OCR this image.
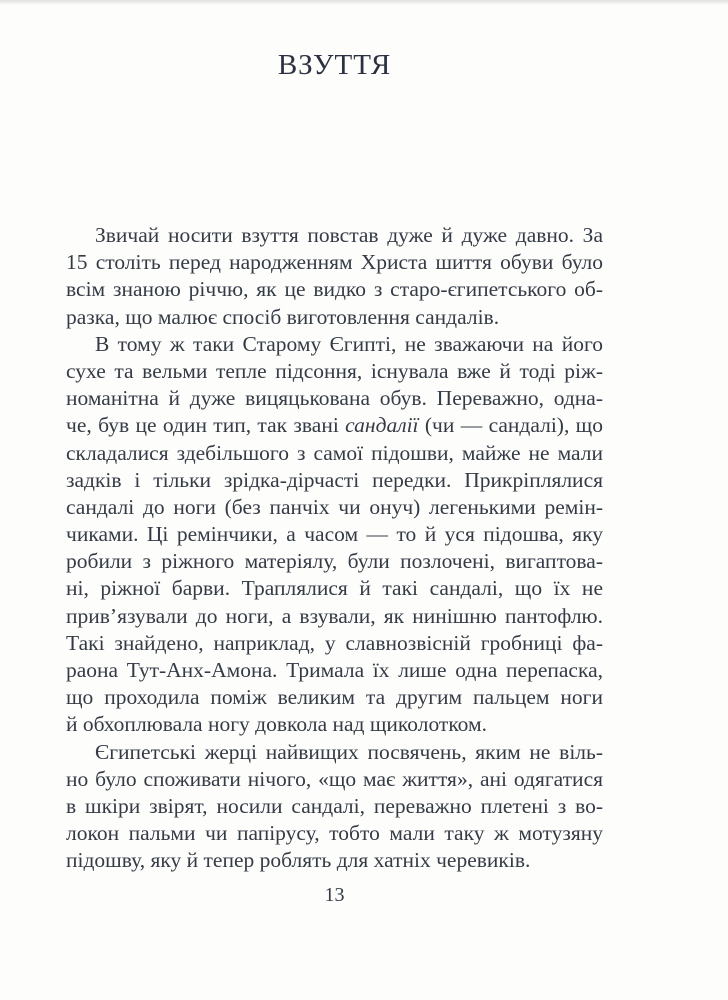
ВЗУТТЯ
Звичай носити взуття повстав дуже й дуже давно. За
15 століть перед народженням Христа шиття обуви було
всім знаною річчю, як це видко з старо-єгипетського об-
разка, що малює спосіб виготовлення сандалів.
В тому ж таки Старому Єгипті, не зважаючи на його
сухе та вельми тепле підсоння, існувала вже й тоді ріж-
номанітна й дуже вицяцькована обув. Переважно, одна-
че, був це один тип, так звані сандалії (чи — сандалі), що
складалися здебільшого з самої підошви, майже не мали
задків і тільки зрідка-дірчасті передки. Прикріплялися
сандалі до ноги (без панчіх чи онуч) легенькими ремін-
чиками. Ці ремінчики, а часом — то й уся підошва, яку
робили з ріжного матеріялу, були позлочені, вигаптова-
ні, ріжної барви. Траплялися й такі сандалі, що їх не
прив’язували до ноги, а взували, як нинішню пантофлю.
Такі знайдено, наприклад, у славнозвісній гробниці фа-
раона Тут-Анх-Амона. Тримала їх лише одна перепаска,
що проходила поміж великим та другим пальцем ноги
й обхоплювала ногу довкола над щиколотком.
Єгипетські жерці найвищих посвячень, яким не віль-
но було споживати нічого, «що має життя», ані одягатися
в шкіри звірят, носили сандалі, переважно плетені з во-
локон пальми чи папірусу, тобто мали таку ж мотузяну
підошву, яку й тепер роблять для хатніх черевиків.
13
